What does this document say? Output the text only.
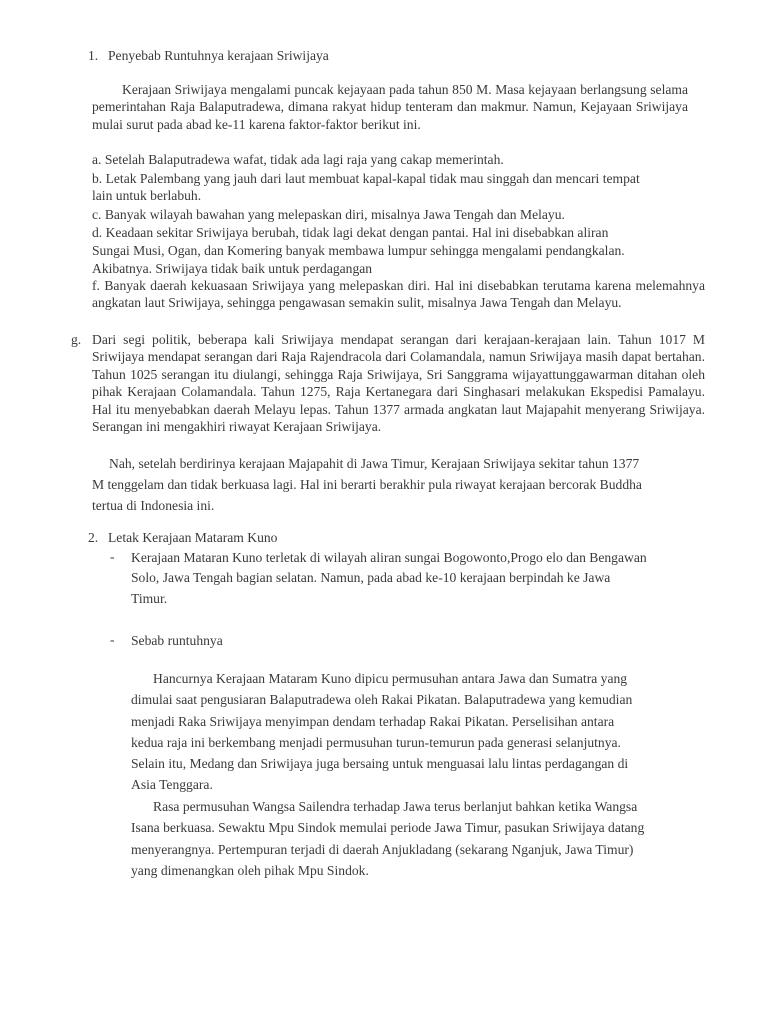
1. Penyebab Runtuhnya kerajaan Sriwijaya
Kerajaan Sriwijaya mengalami puncak kejayaan pada tahun 850 M. Masa kejayaan berlangsung selama pemerintahan Raja Balaputradewa, dimana rakyat hidup tenteram dan makmur. Namun, Kejayaan Sriwijaya mulai surut pada abad ke-11 karena faktor-faktor berikut ini.
a. Setelah Balaputradewa wafat, tidak ada lagi raja yang cakap memerintah.
b. Letak Palembang yang jauh dari laut membuat kapal-kapal tidak mau singgah dan mencari tempat
lain untuk berlabuh.
c. Banyak wilayah bawahan yang melepaskan diri, misalnya Jawa Tengah dan Melayu.
d. Keadaan sekitar Sriwijaya berubah, tidak lagi dekat dengan pantai. Hal ini disebabkan aliran
Sungai Musi, Ogan, dan Komering banyak membawa lumpur sehingga mengalami pendangkalan.
Akibatnya. Sriwijaya tidak baik untuk perdagangan
f. Banyak daerah kekuasaan Sriwijaya yang melepaskan diri. Hal ini disebabkan terutama karena melemahnya angkatan laut Sriwijaya, sehingga pengawasan semakin sulit, misalnya Jawa Tengah dan Melayu.
g. Dari segi politik, beberapa kali Sriwijaya mendapat serangan dari kerajaan-kerajaan lain. Tahun 1017 M Sriwijaya mendapat serangan dari Raja Rajendracola dari Colamandala, namun Sriwijaya masih dapat bertahan. Tahun 1025 serangan itu diulangi, sehingga Raja Sriwijaya, Sri Sanggrama wijayattunggawarman ditahan oleh pihak Kerajaan Colamandala. Tahun 1275, Raja Kertanegara dari Singhasari melakukan Ekspedisi Pamalayu. Hal itu menyebabkan daerah Melayu lepas. Tahun 1377 armada angkatan laut Majapahit menyerang Sriwijaya. Serangan ini mengakhiri riwayat Kerajaan Sriwijaya.
Nah, setelah berdirinya kerajaan Majapahit di Jawa Timur, Kerajaan Sriwijaya sekitar tahun 1377
M tenggelam dan tidak berkuasa lagi. Hal ini berarti berakhir pula riwayat kerajaan bercorak Buddha
tertua di Indonesia ini.
2. Letak Kerajaan Mataram Kuno
- Kerajaan Mataran Kuno terletak di wilayah aliran sungai Bogowonto,Progo elo dan Bengawan
Solo, Jawa Tengah bagian selatan. Namun, pada abad ke-10 kerajaan berpindah ke Jawa
Timur.
- Sebab runtuhnya
Hancurnya Kerajaan Mataram Kuno dipicu permusuhan antara Jawa dan Sumatra yang
dimulai saat pengusiaran Balaputradewa oleh Rakai Pikatan. Balaputradewa yang kemudian
menjadi Raka Sriwijaya menyimpan dendam terhadap Rakai Pikatan. Perselisihan antara
kedua raja ini berkembang menjadi permusuhan turun-temurun pada generasi selanjutnya.
Selain itu, Medang dan Sriwijaya juga bersaing untuk menguasai lalu lintas perdagangan di
Asia Tenggara.
Rasa permusuhan Wangsa Sailendra terhadap Jawa terus berlanjut bahkan ketika Wangsa
Isana berkuasa. Sewaktu Mpu Sindok memulai periode Jawa Timur, pasukan Sriwijaya datang
menyerangnya. Pertempuran terjadi di daerah Anjukladang (sekarang Nganjuk, Jawa Timur)
yang dimenangkan oleh pihak Mpu Sindok.
